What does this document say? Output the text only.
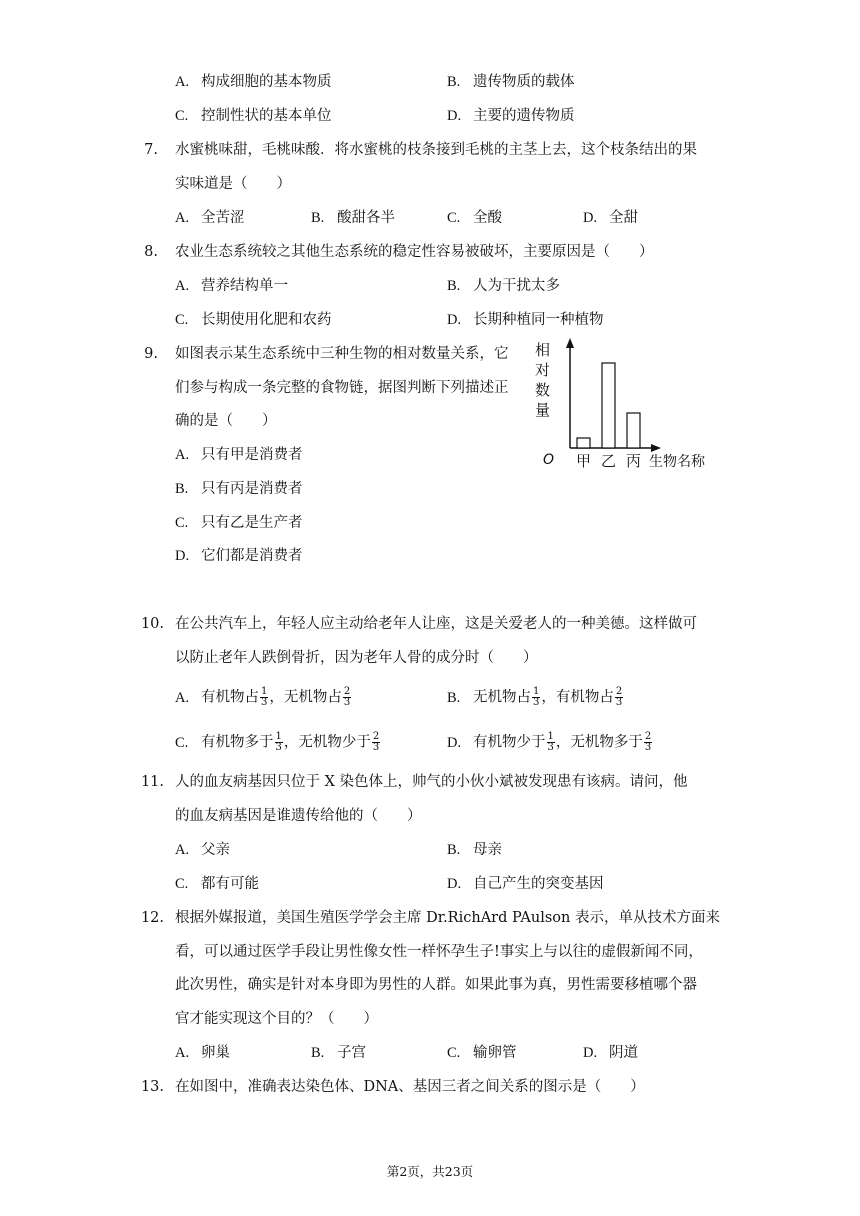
A. 构成细胞的基本物质	B. 遗传物质的载体
C. 控制性状的基本单位	D. 主要的遗传物质
7. 水蜜桃味甜，毛桃味酸．将水蜜桃的枝条接到毛桃的主茎上去，这个枝条结出的果
实味道是（　　）
A. 全苦涩	B. 酸甜各半	C. 全酸	D. 全甜
8. 农业生态系统较之其他生态系统的稳定性容易被破坏，主要原因是（　　）
A. 营养结构单一	B. 人为干扰太多
C. 长期使用化肥和农药	D. 长期种植同一种植物
9. 如图表示某生态系统中三种生物的相对数量关系，它
们参与构成一条完整的食物链，据图判断下列描述正
确的是（　　）
A. 只有甲是消费者
B. 只有丙是消费者
C. 只有乙是生产者
D. 它们都是消费者
相
对
数
量
O 甲 乙 丙 生物名称
10. 在公共汽车上，年轻人应主动给老年人让座，这是关爱老人的一种美德。这样做可
以防止老年人跌倒骨折，因为老年人骨的成分时（　　）
A. 有机物占 $\frac{1}{3}$ ，无机物占 $\frac{2}{3}$	B. 无机物占 $\frac{1}{3}$ ，有机物占 $\frac{2}{3}$
C. 有机物多于 $\frac{1}{3}$ ，无机物少于 $\frac{2}{3}$	D. 有机物少于 $\frac{1}{3}$ ，无机物多于 $\frac{2}{3}$
11. 人的血友病基因只位于 X 染色体上，帅气的小伙小斌被发现患有该病。请问，他
的血友病基因是谁遗传给他的（　　）
A. 父亲	B. 母亲
C. 都有可能	D. 自己产生的突变基因
12. 根据外媒报道，美国生殖医学学会主席 Dr.RichArd PAulson 表示，单从技术方面来
看，可以通过医学手段让男性像女性一样怀孕生子!事实上与以往的虚假新闻不同，
此次男性，确实是针对本身即为男性的人群。如果此事为真，男性需要移植哪个器
官才能实现这个目的？（　　）
A. 卵巢	B. 子宫	C. 输卵管	D. 阴道
13. 在如图中，准确表达染色体、DNA、基因三者之间关系的图示是（　　）
第2页，共23页
